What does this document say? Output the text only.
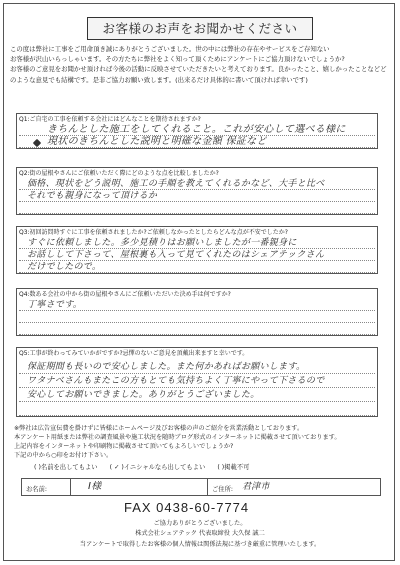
お客様のお声をお聞かせください

この度は弊社に工事をご用命頂き誠にありがとうございました。世の中には弊社の存在やサービスをご存知ない

お客様が沢山いらっしゃいます。その方たちに弊社をよく知って頂くためにアンケートにご協力頂けないでしょうか?

お客様のご意見をお聞かせ頂ければ今後の活動に反映させていただきたいと考えております。良かったこと、嬉しかったことなどどのような意見でも結構です。是非ご協力お願い致します。(出来るだけ具体的に書いて頂ければ幸いです)

Q1:ご自宅の工事を依頼する会社にはどんなことを期待されますか?
きちんとした施工をしてくれること。これが安心して選べる様に
現状のきちんとした説明と明確な金額 保証など
Q2:街の屋根やさんにご依頼いただく際にどのような点を比較しましたか?
価格、現状をどう説明、施工の手順を教えてくれるかなど、大手と比べ
それでも親身になって頂けるか
Q3:初回訪問時すぐに工事を依頼されましたか?ご依頼しなかったとしたらどんな点が不安でしたか?
すぐに依頼しました。多少見積りはお願いしましたが一番親身に
お話しして下さって、屋根裏も入って見てくれたのはシェアテックさん
だけでしたので。
Q4:数ある会社の中から街の屋根やさんにご依頼いただいた決め手は何ですか?
丁寧さです。
Q5:工事が終わってみていかがですか?忌憚のないご意見を頂戴出来ますと幸いです。
保証期間も長いので安心しました。また何かあればお願いします。
ワタナベさんもまたこの方もとても気持ちよく丁寧にやって下さるので
安心してお願いできました。ありがとうございました。

※弊社は広告宣伝費を掛けずに皆様にホームページ及びお客様の声のご紹介を営業活動としております。

本アンケート用紙または弊社の調査風景や施工状況を随時ブログ形式のインターネットに掲載させて頂いております。

上記内容をインターネットや印刷物に掲載させて頂いてもよろしいでしょうか?

下記の中から○印をお付け下さい。

( )名前を出してもよい ( ✓ )イニシャルなら出してもよい ( )掲載不可
お名前:	I様	ご住所: 君津市
FAX 0438-60-7774
ご協力ありがとうございました。
株式会社シェアテック 代表取締役 大久保 誠二
当アンケートで取得したお客様の個人情報は関係法規に基づき厳重に管理いたします。
